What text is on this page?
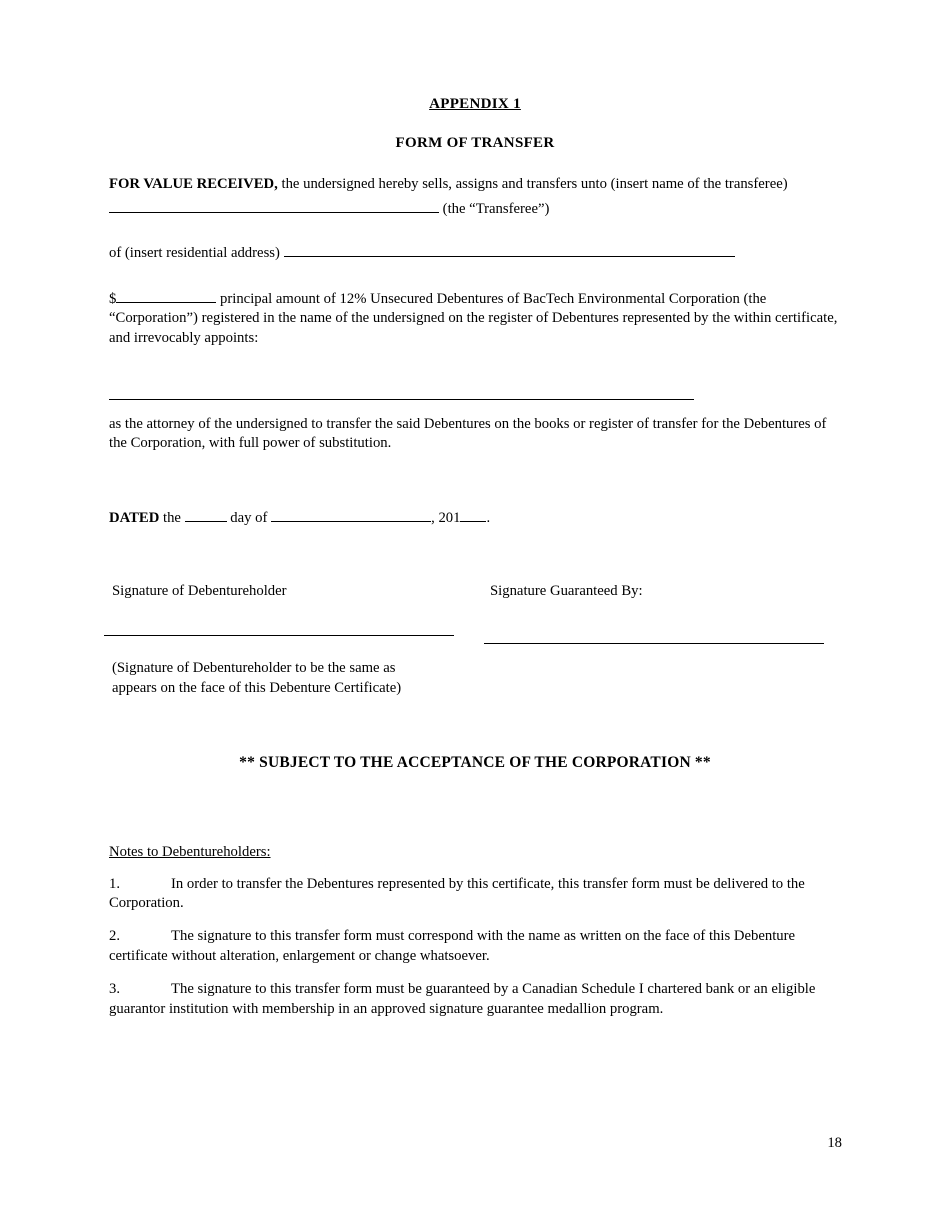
APPENDIX 1
FORM OF TRANSFER

FOR VALUE RECEIVED, the undersigned hereby sells, assigns and transfers unto (insert name of the transferee)

(the “Transferee”)

of (insert residential address)

$	principal amount of 12% Unsecured Debentures of BacTech Environmental Corporation (the “Corporation”) registered in the name of the undersigned on the register of Debentures represented by the within certificate, and irrevocably appoints:

as the attorney of the undersigned to transfer the said Debentures on the books or register of transfer for the Debentures of the Corporation, with full power of substitution.

DATED the	day of	, 201 .

Signature of Debentureholder	Signature Guaranteed By:
(Signature of Debentureholder to be the same as
appears on the face of this Debenture Certificate)
** SUBJECT TO THE ACCEPTANCE OF THE CORPORATION **
Notes to Debentureholders:

1.	In order to transfer the Debentures represented by this certificate, this transfer form must be delivered to the Corporation.

2.	The signature to this transfer form must correspond with the name as written on the face of this Debenture certificate without alteration, enlargement or change whatsoever.

3.	The signature to this transfer form must be guaranteed by a Canadian Schedule I chartered bank or an eligible guarantor institution with membership in an approved signature guarantee medallion program.

18
